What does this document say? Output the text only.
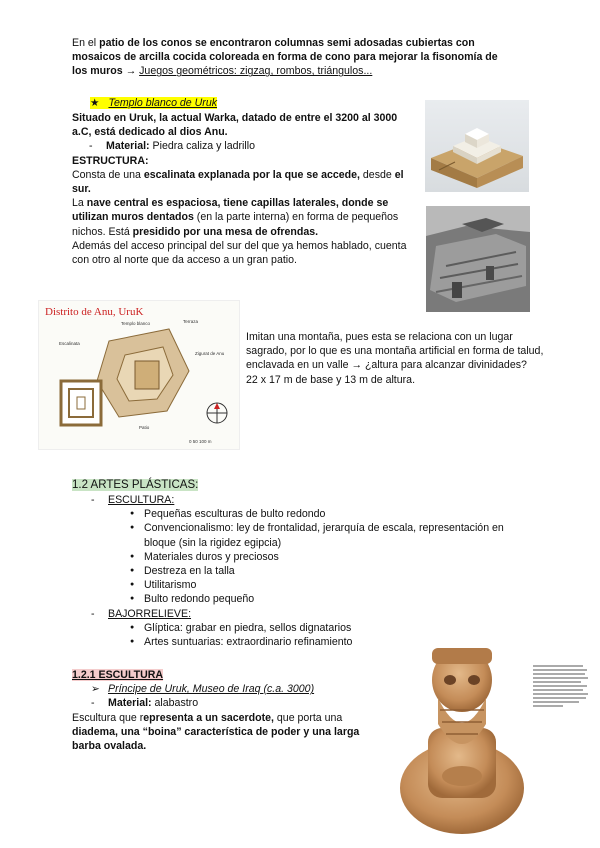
En el patio de los conos se encontraron columnas semi adosadas cubiertas con mosaicos de arcilla cocida coloreada en forma de cono para mejorar la fisonomía de los muros → Juegos geométricos: zigzag, rombos, triángulos...

★ Templo blanco de Uruk

Situado en Uruk, la actual Warka, datado de entre el 3200 al 3000 a.C, está dedicado al dios Anu.

- Material: Piedra caliza y ladrillo

ESTRUCTURA:

Consta de una escalinata explanada por la que se accede, desde el sur.

La nave central es espaciosa, tiene capillas laterales, donde se utilizan muros dentados (en la parte interna) en forma de pequeños nichos. Está presidido por una mesa de ofrendas.

Además del acceso principal del sur del que ya hemos hablado, cuenta con otro al norte que da acceso a un gran patio.

Distrito de Anu, UruK
Templo blanco	Terraza
Escalinata
Zigurat de Anu
Patio
0 50 100 m

Imitan una montaña, pues esta se relaciona con un lugar sagrado, por lo que es una montaña artificial en forma de talud, enclavada en un valle → ¿altura para alcanzar divinidades?

22 x 17 m de base y 13 m de altura.

1.2 ARTES PLÁSTICAS:

- ESCULTURA:
● Pequeñas esculturas de bulto redondo
● Convencionalismo: ley de frontalidad, jerarquía de escala, representación en bloque (sin la rigidez egipcia)
● Materiales duros y preciosos
● Destreza en la talla
● Utilitarismo
● Bulto redondo pequeño
- BAJORRELIEVE:
● Glíptica: grabar en piedra, sellos dignatarios
● Artes suntuarias: extraordinario refinamiento

1.2.1 ESCULTURA

➢ Príncipe de Uruk, Museo de Iraq (c.a. 3000)
- Material: alabastro

Escultura que representa a un sacerdote, que porta una diadema, una “boina” característica de poder y una larga barba ovalada.
